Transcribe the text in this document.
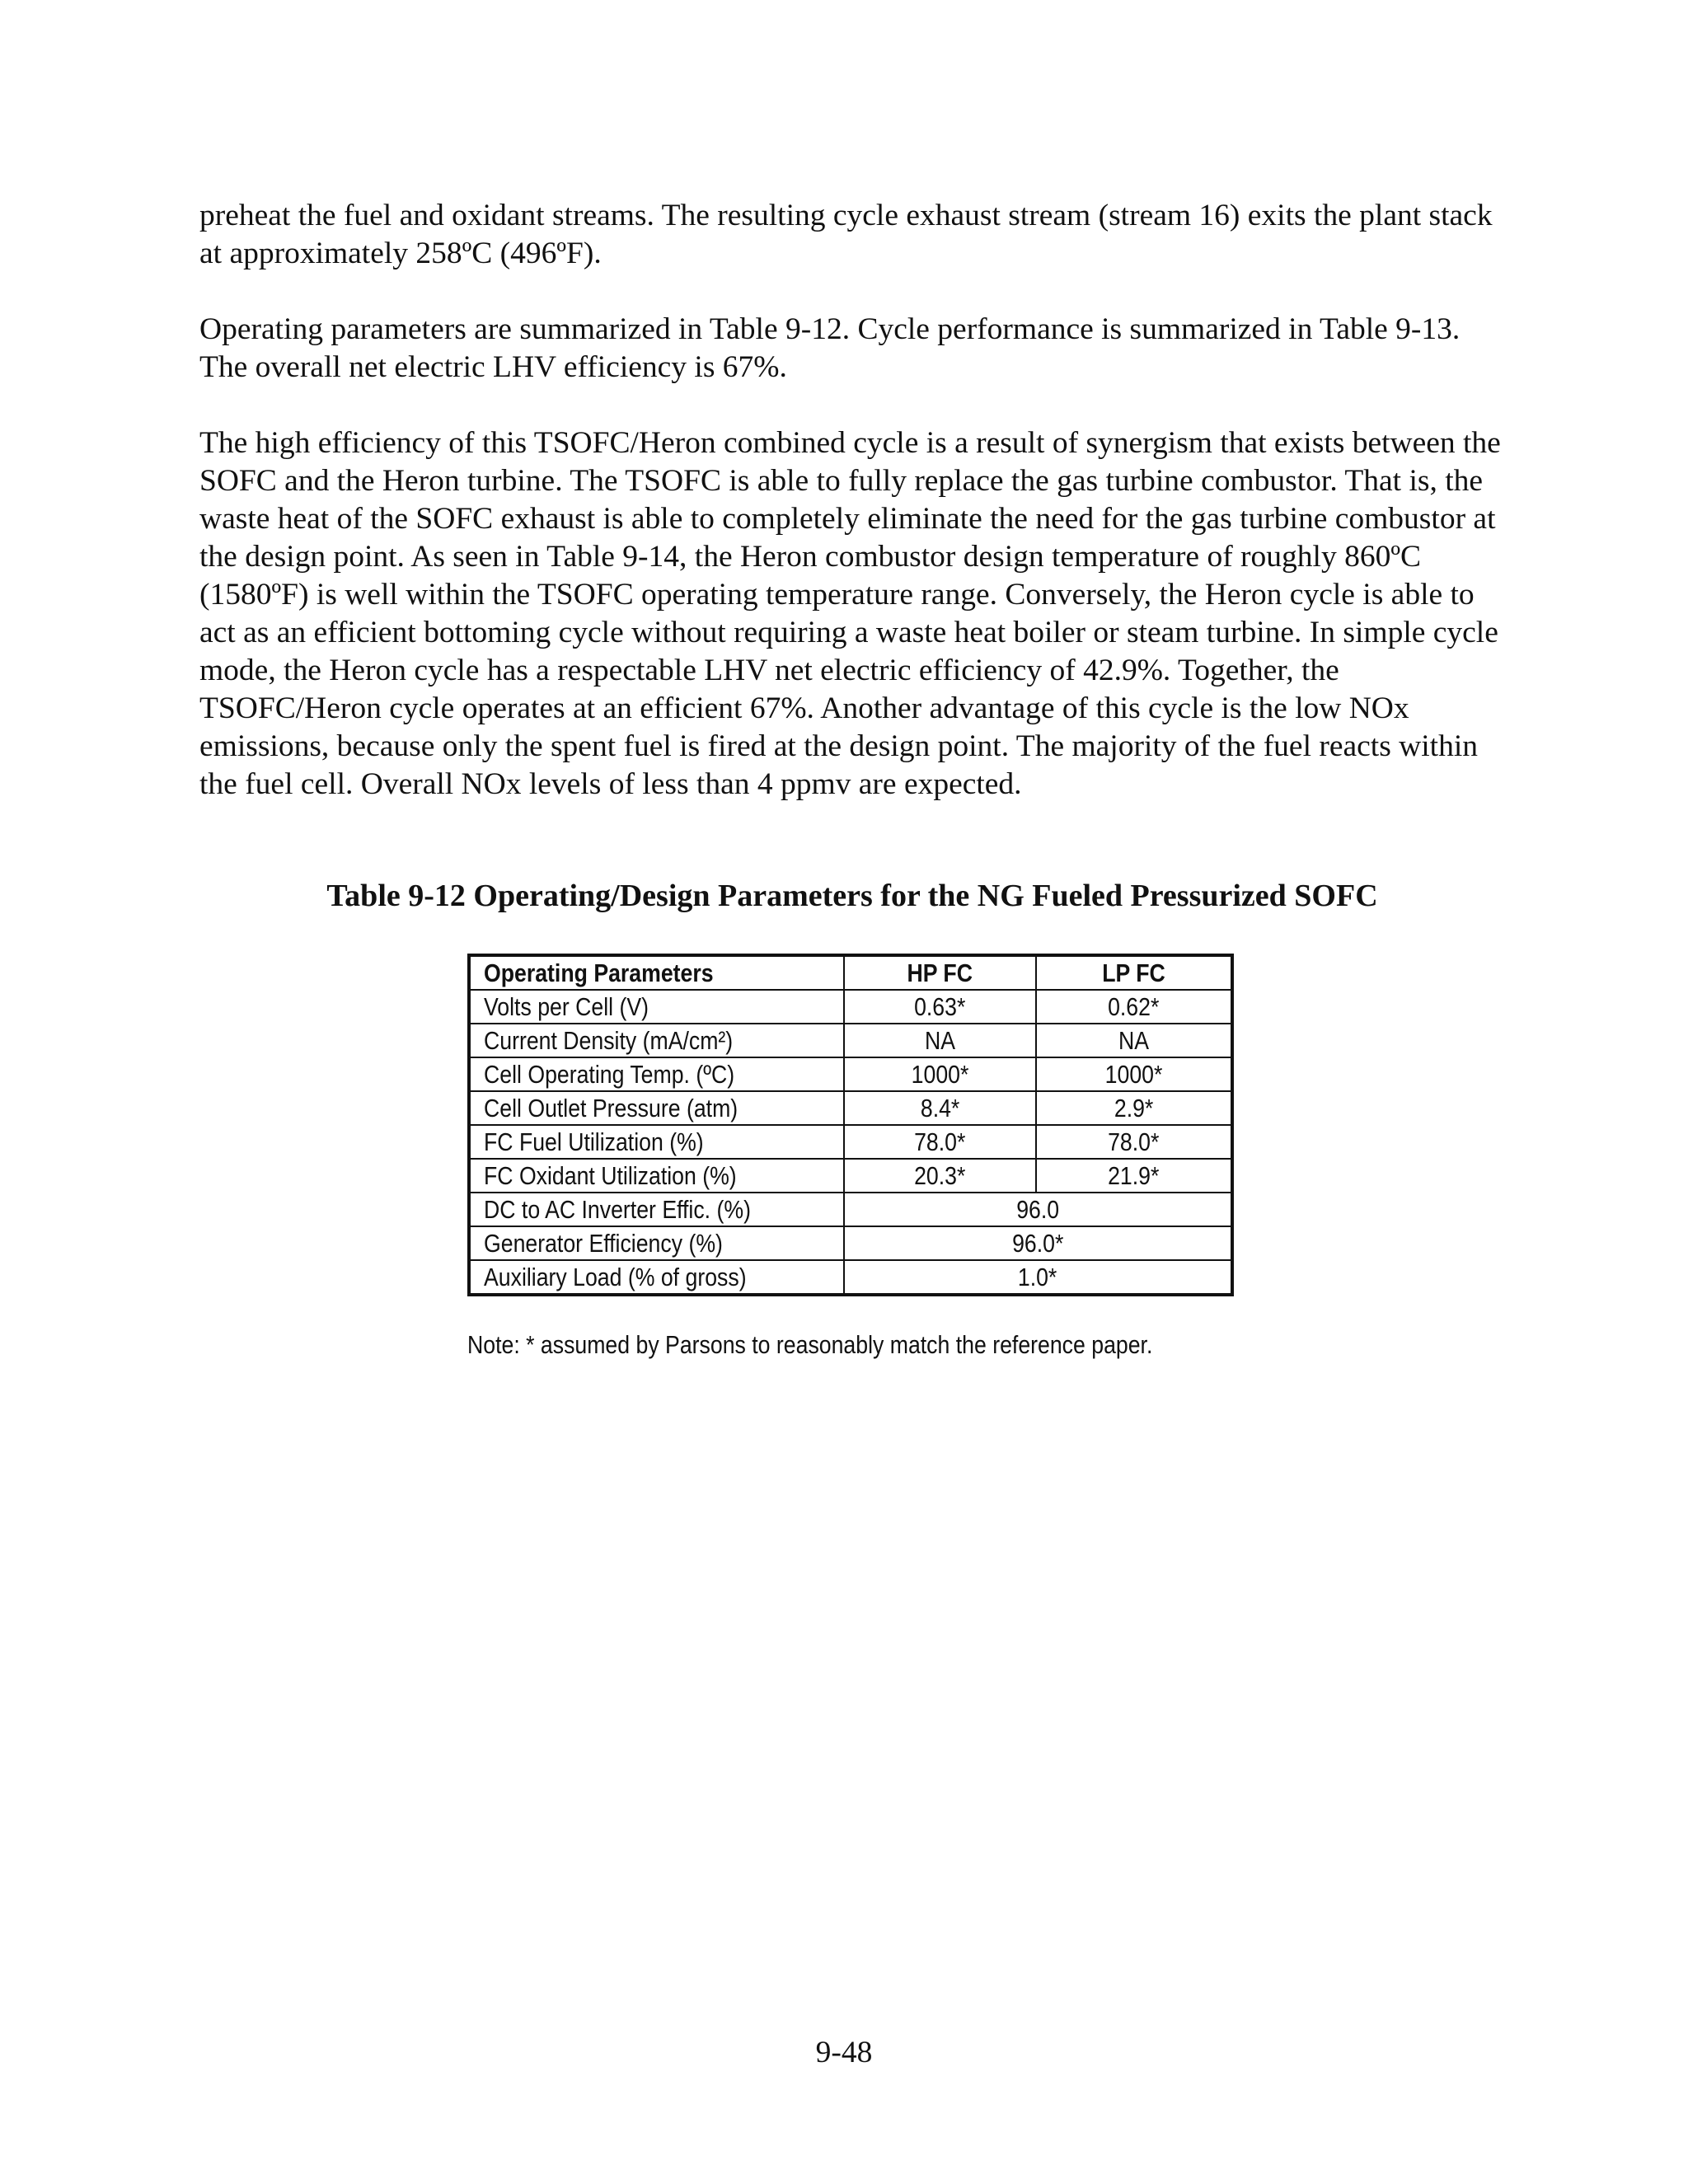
preheat the fuel and oxidant streams. The resulting cycle exhaust stream (stream 16) exits the plant stack at approximately 258ºC (496ºF).

Operating parameters are summarized in Table 9-12. Cycle performance is summarized in Table 9-13. The overall net electric LHV efficiency is 67%.

The high efficiency of this TSOFC/Heron combined cycle is a result of synergism that exists between the SOFC and the Heron turbine. The TSOFC is able to fully replace the gas turbine combustor. That is, the waste heat of the SOFC exhaust is able to completely eliminate the need for the gas turbine combustor at the design point. As seen in Table 9-14, the Heron combustor design temperature of roughly 860ºC (1580ºF) is well within the TSOFC operating temperature range. Conversely, the Heron cycle is able to act as an efficient bottoming cycle without requiring a waste heat boiler or steam turbine. In simple cycle mode, the Heron cycle has a respectable LHV net electric efficiency of 42.9%. Together, the TSOFC/Heron cycle operates at an efficient 67%. Another advantage of this cycle is the low NOx emissions, because only the spent fuel is fired at the design point. The majority of the fuel reacts within the fuel cell. Overall NOx levels of less than 4 ppmv are expected.

Table 9-12 Operating/Design Parameters for the NG Fueled Pressurized SOFC

Operating Parameters	HP FC	LP FC
Volts per Cell (V)	0.63*	0.62*
Current Density (mA/cm²)	NA	NA
Cell Operating Temp. (ºC)	1000*	1000*
Cell Outlet Pressure (atm)	8.4*	2.9*
FC Fuel Utilization (%)	78.0*	78.0*
FC Oxidant Utilization (%)	20.3*	21.9*
DC to AC Inverter Effic. (%)	96.0	
Generator Efficiency (%)	96.0*	
Auxiliary Load (% of gross)	1.0*	

Note: * assumed by Parsons to reasonably match the reference paper.

9-48
